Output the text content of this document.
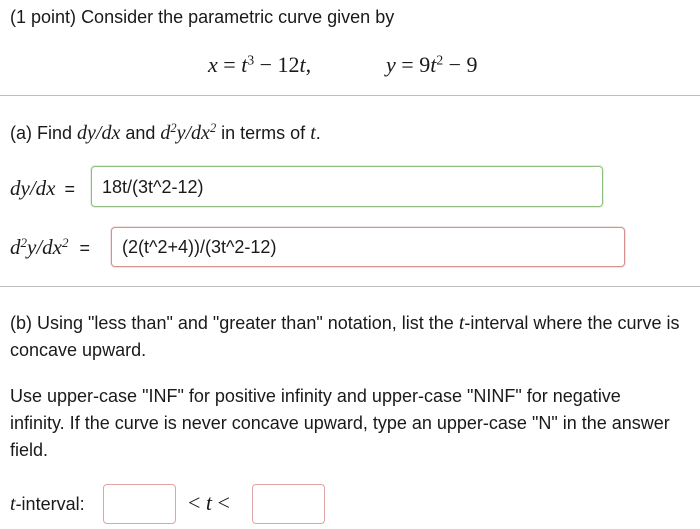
(1 point) Consider the parametric curve given by
$x = t^3 - 12t$,	$y = 9t^2 - 9$
(a) Find dy/dx and $d^2y/dx^2$ in terms of t.
dy/dx =	18t/(3t^2-12)
$d^2y/dx^2$ =	(2(t^2+4))/(3t^2-12)
(b) Using "less than" and "greater than" notation, list the t-interval where the curve is concave upward.
Use upper-case "INF" for positive infinity and upper-case "NINF" for negative infinity. If the curve is never concave upward, type an upper-case "N" in the answer field.
t-interval:	< t <
